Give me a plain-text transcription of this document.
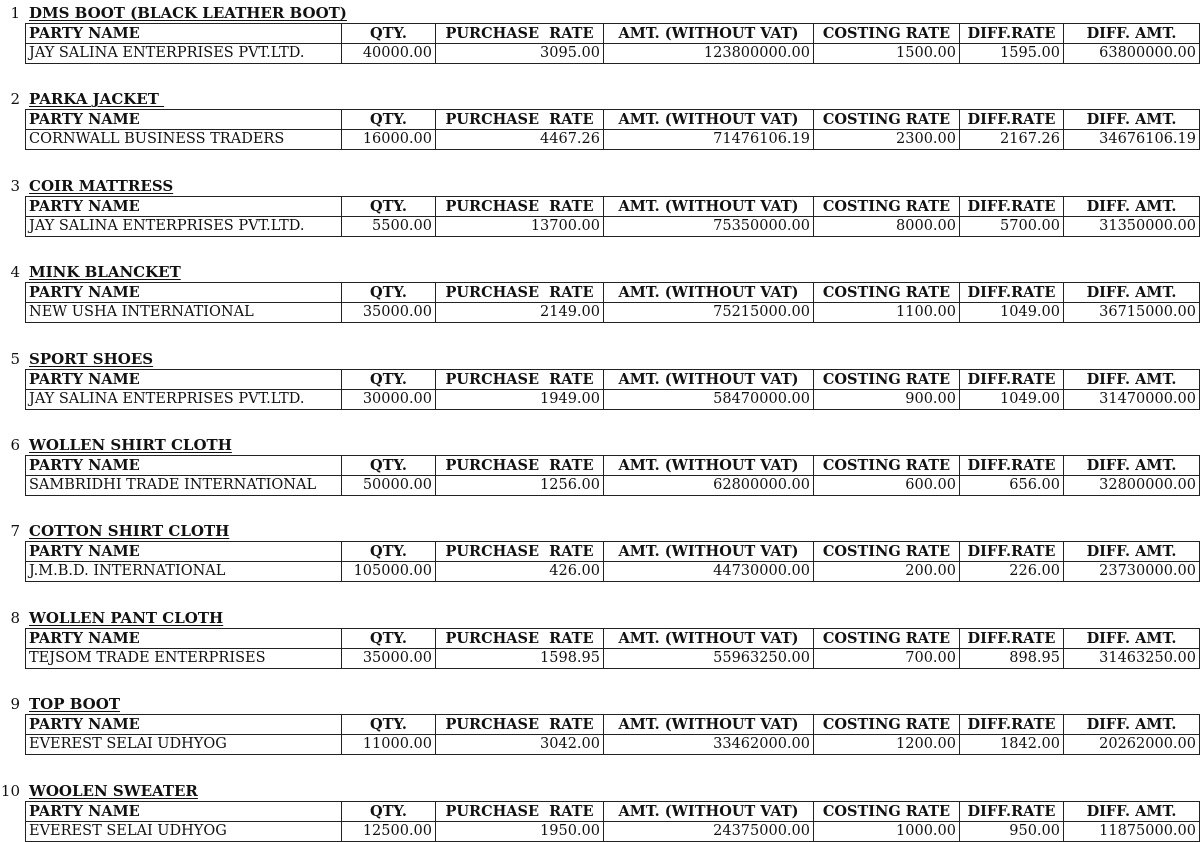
1 DMS BOOT (BLACK LEATHER BOOT)
PARTY NAME	QTY.	PURCHASE  RATE	AMT. (WITHOUT VAT)	COSTING RATE	DIFF.RATE	DIFF. AMT.
JAY SALINA ENTERPRISES PVT.LTD.	40000.00	3095.00	123800000.00	1500.00	1595.00	63800000.00
2 PARKA JACKET
PARTY NAME	QTY.	PURCHASE  RATE	AMT. (WITHOUT VAT)	COSTING RATE	DIFF.RATE	DIFF. AMT.
CORNWALL BUSINESS TRADERS	16000.00	4467.26	71476106.19	2300.00	2167.26	34676106.19
3 COIR MATTRESS
PARTY NAME	QTY.	PURCHASE  RATE	AMT. (WITHOUT VAT)	COSTING RATE	DIFF.RATE	DIFF. AMT.
JAY SALINA ENTERPRISES PVT.LTD.	5500.00	13700.00	75350000.00	8000.00	5700.00	31350000.00
4 MINK BLANCKET
PARTY NAME	QTY.	PURCHASE  RATE	AMT. (WITHOUT VAT)	COSTING RATE	DIFF.RATE	DIFF. AMT.
NEW USHA INTERNATIONAL	35000.00	2149.00	75215000.00	1100.00	1049.00	36715000.00
5 SPORT SHOES
PARTY NAME	QTY.	PURCHASE  RATE	AMT. (WITHOUT VAT)	COSTING RATE	DIFF.RATE	DIFF. AMT.
JAY SALINA ENTERPRISES PVT.LTD.	30000.00	1949.00	58470000.00	900.00	1049.00	31470000.00
6 WOLLEN SHIRT CLOTH
PARTY NAME	QTY.	PURCHASE  RATE	AMT. (WITHOUT VAT)	COSTING RATE	DIFF.RATE	DIFF. AMT.
SAMBRIDHI TRADE INTERNATIONAL	50000.00	1256.00	62800000.00	600.00	656.00	32800000.00
7 COTTON SHIRT CLOTH
PARTY NAME	QTY.	PURCHASE  RATE	AMT. (WITHOUT VAT)	COSTING RATE	DIFF.RATE	DIFF. AMT.
J.M.B.D. INTERNATIONAL	105000.00	426.00	44730000.00	200.00	226.00	23730000.00
8 WOLLEN PANT CLOTH
PARTY NAME	QTY.	PURCHASE  RATE	AMT. (WITHOUT VAT)	COSTING RATE	DIFF.RATE	DIFF. AMT.
TEJSOM TRADE ENTERPRISES	35000.00	1598.95	55963250.00	700.00	898.95	31463250.00
9 TOP BOOT
PARTY NAME	QTY.	PURCHASE  RATE	AMT. (WITHOUT VAT)	COSTING RATE	DIFF.RATE	DIFF. AMT.
EVEREST SELAI UDHYOG	11000.00	3042.00	33462000.00	1200.00	1842.00	20262000.00
10 WOOLEN SWEATER
PARTY NAME	QTY.	PURCHASE  RATE	AMT. (WITHOUT VAT)	COSTING RATE	DIFF.RATE	DIFF. AMT.
EVEREST SELAI UDHYOG	12500.00	1950.00	24375000.00	1000.00	950.00	11875000.00
